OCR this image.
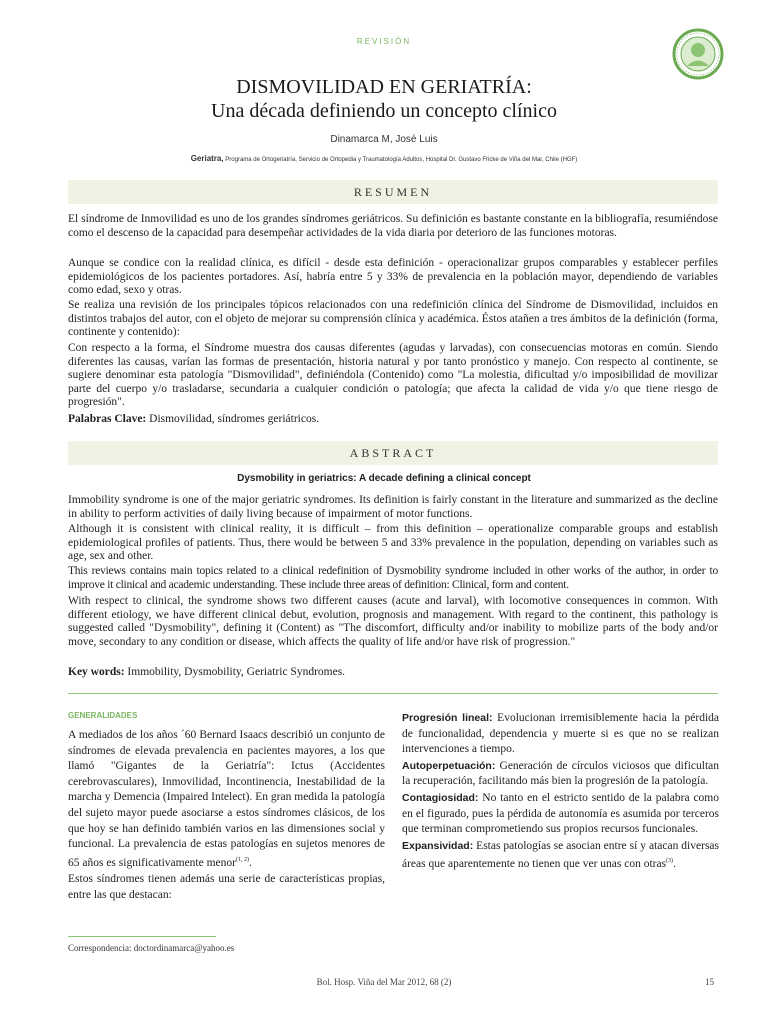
REVISIÓN
DISMOVILIDAD EN GERIATRÍA:
Una década definiendo un concepto clínico
Dinamarca M, José Luis
Geriatra, Programa de Ortogeriatría, Servicio de Ortopedia y Traumatología Adultos, Hospital Dr. Gustavo Fricke de Viña del Mar, Chile (HGF)
RESUMEN
El síndrome de Inmovilidad es uno de los grandes síndromes geriátricos. Su definición es bastante constante en la bibliografía, resumiéndose como el descenso de la capacidad para desempeñar actividades de la vida diaria por deterioro de las funciones motoras.
Aunque se condice con la realidad clínica, es difícil - desde esta definición - operacionalizar grupos comparables y establecer perfiles epidemiológicos de los pacientes portadores. Así, habría entre 5 y 33% de prevalencia en la población mayor, dependiendo de variables como edad, sexo y otras.
Se realiza una revisión de los principales tópicos relacionados con una redefinición clínica del Síndrome de Dismovilidad, incluidos en distintos trabajos del autor, con el objeto de mejorar su comprensión clínica y académica. Éstos atañen a tres ámbitos de la definición (forma, continente y contenido):
Con respecto a la forma, el Síndrome muestra dos causas diferentes (agudas y larvadas), con consecuencias motoras en común. Siendo diferentes las causas, varían las formas de presentación, historia natural y por tanto pronóstico y manejo. Con respecto al continente, se sugiere denominar esta patología "Dismovilidad", definiéndola (Contenido) como "La molestia, dificultad y/o imposibilidad de movilizar parte del cuerpo y/o trasladarse, secundaria a cualquier condición o patología; que afecta la calidad de vida y/o que tiene riesgo de progresión".
Palabras Clave: Dismovilidad, síndromes geriátricos.
ABSTRACT
Dysmobility in geriatrics: A decade defining a clinical concept
Immobility syndrome is one of the major geriatric syndromes. Its definition is fairly constant in the literature and summarized as the decline in ability to perform activities of daily living because of impairment of motor functions.
Although it is consistent with clinical reality, it is difficult – from this definition – operationalize comparable groups and establish epidemiological profiles of patients. Thus, there would be between 5 and 33% prevalence in the population, depending on variables such as age, sex and other.
This reviews contains main topics related to a clinical redefinition of Dysmobility syndrome included in other works of the author, in order to improve it clinical and academic understanding. These include three areas of definition: Clinical, form and content.
With respect to clinical, the syndrome shows two different causes (acute and larval), with locomotive consequences in common. With different etiology, we have different clinical debut, evolution, prognosis and management. With regard to the continent, this pathology is suggested called "Dysmobility", defining it (Content) as "The discomfort, difficulty and/or inability to mobilize parts of the body and/or move, secondary to any condition or disease, which affects the quality of life and/or have risk of progression."
Key words: Immobility, Dysmobility, Geriatric Syndromes.
GENERALIDADES

A mediados de los años ´60 Bernard Isaacs describió un conjunto de síndromes de elevada prevalencia en pacientes mayores, a los que llamó "Gigantes de la Geriatría": Ictus (Accidentes cerebrovasculares), Inmovilidad, Incontinencia, Inestabilidad de la marcha y Demencia (Impaired Intelect). En gran medida la patología del sujeto mayor puede asociarse a estos síndromes clásicos, de los que hoy se han definido también varios en las dimensiones social y funcional. La prevalencia de estas patologías en sujetos menores de 65 años es significativamente menor$^{(1, 2)}$.

Estos síndromes tienen además una serie de características propias, entre las que destacan:

Progresión lineal: Evolucionan irremisiblemente hacia la pérdida de funcionalidad, dependencia y muerte si es que no se realizan intervenciones a tiempo.

Autoperpetuación: Generación de círculos viciosos que dificultan la recuperación, facilitando más bien la progresión de la patología.

Contagiosidad: No tanto en el estricto sentido de la palabra como en el figurado, pues la pérdida de autonomía es asumida por terceros que terminan comprometiendo sus propios recursos funcionales.

Expansividad: Estas patologías se asocian entre sí y atacan diversas áreas que aparentemente no tienen que ver unas con otras$^{(3)}$.

Correspondencia: doctordinamarca@yahoo.es
Bol. Hosp. Viña del Mar 2012, 68 (2)	15
